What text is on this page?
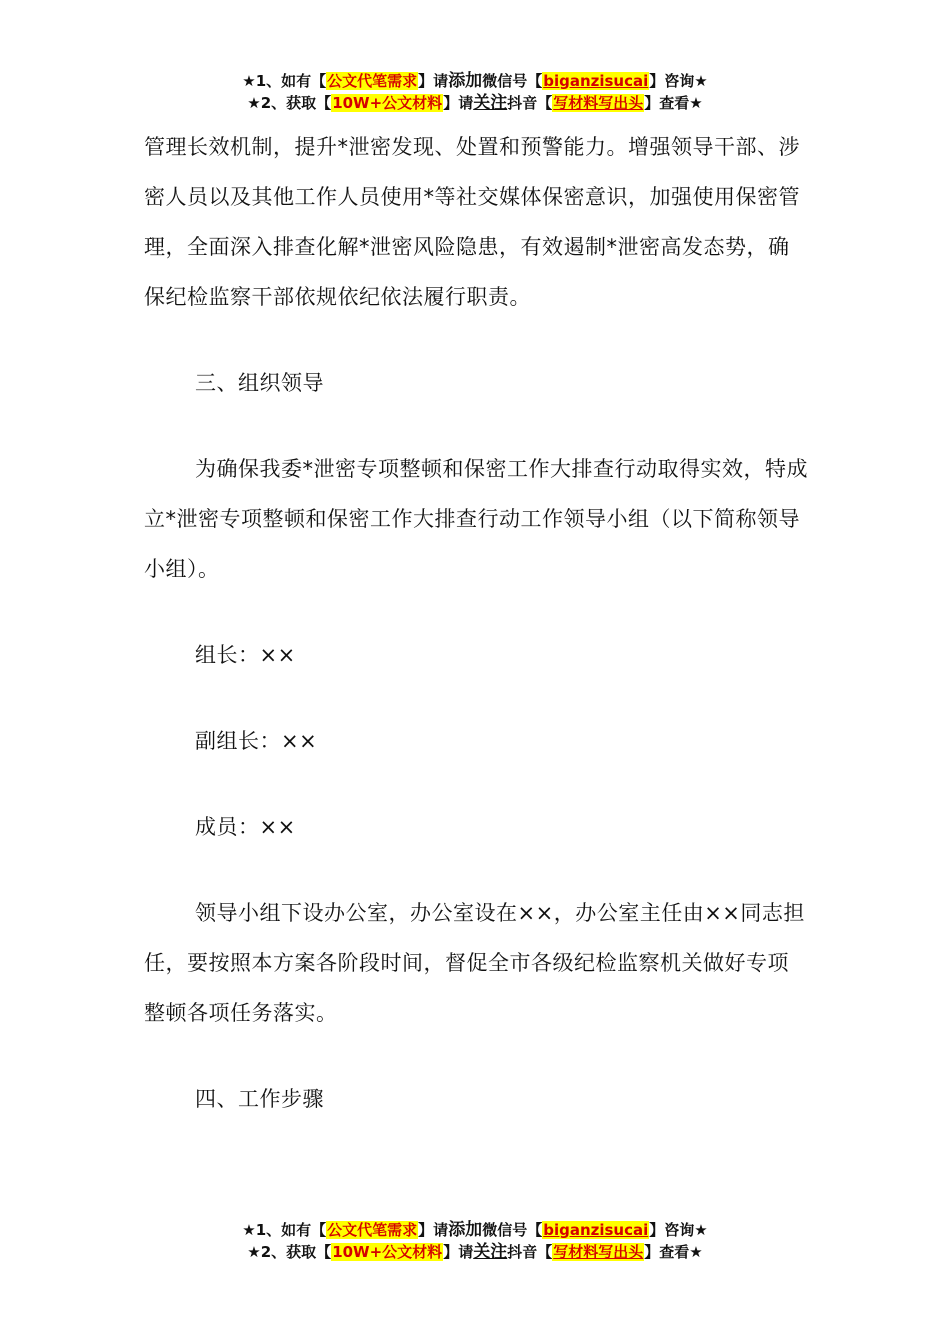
★1、如有【公文代笔需求】请添加微信号【biganzisucai】咨询★
★2、获取【10W+公文材料】请关注抖音【写材料写出头】查看★

管理长效机制，提升*泄密发现、处置和预警能力。增强领导干部、涉密人员以及其他工作人员使用*等社交媒体保密意识，加强使用保密管理，全面深入排查化解*泄密风险隐患，有效遏制*泄密高发态势，确保纪检监察干部依规依纪依法履行职责。

三、组织领导

为确保我委*泄密专项整顿和保密工作大排查行动取得实效，特成立*泄密专项整顿和保密工作大排查行动工作领导小组（以下简称领导小组）。

组长：××

副组长：××

成员：××

领导小组下设办公室，办公室设在××，办公室主任由××同志担任，要按照本方案各阶段时间，督促全市各级纪检监察机关做好专项整顿各项任务落实。

四、工作步骤

★1、如有【公文代笔需求】请添加微信号【biganzisucai】咨询★
★2、获取【10W+公文材料】请关注抖音【写材料写出头】查看★
